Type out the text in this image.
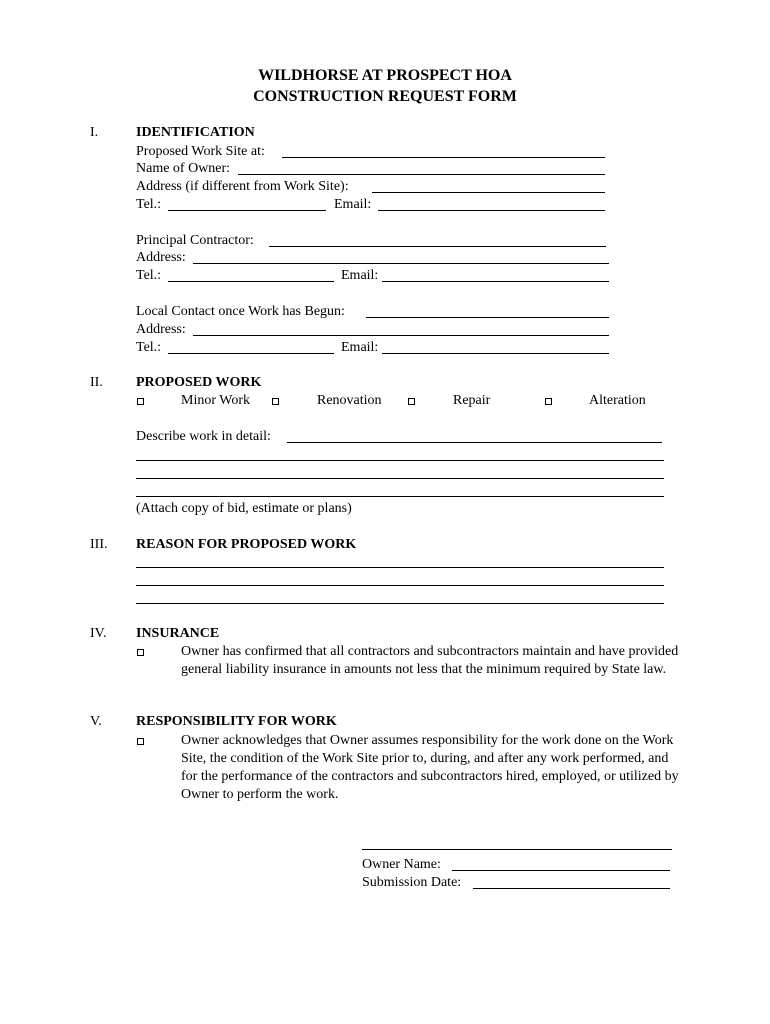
WILDHORSE AT PROSPECT HOA
CONSTRUCTION REQUEST FORM
I.	IDENTIFICATION
Proposed Work Site at:
Name of Owner:
Address (if different from Work Site):
Tel.:	Email:
Principal Contractor:
Address:
Tel.:	Email:
Local Contact once Work has Begun:
Address:
Tel.:	Email:
II. PROPOSED WORK
Minor Work	Renovation	Repair	Alteration
Describe work in detail:
(Attach copy of bid, estimate or plans)
III. REASON FOR PROPOSED WORK
IV. INSURANCE
Owner has confirmed that all contractors and subcontractors maintain and have provided general liability insurance in amounts not less that the minimum required by State law.
V. RESPONSIBILITY FOR WORK
Owner acknowledges that Owner assumes responsibility for the work done on the Work Site, the condition of the Work Site prior to, during, and after any work performed, and for the performance of the contractors and subcontractors hired, employed, or utilized by Owner to perform the work.
Owner Name:
Submission Date:
